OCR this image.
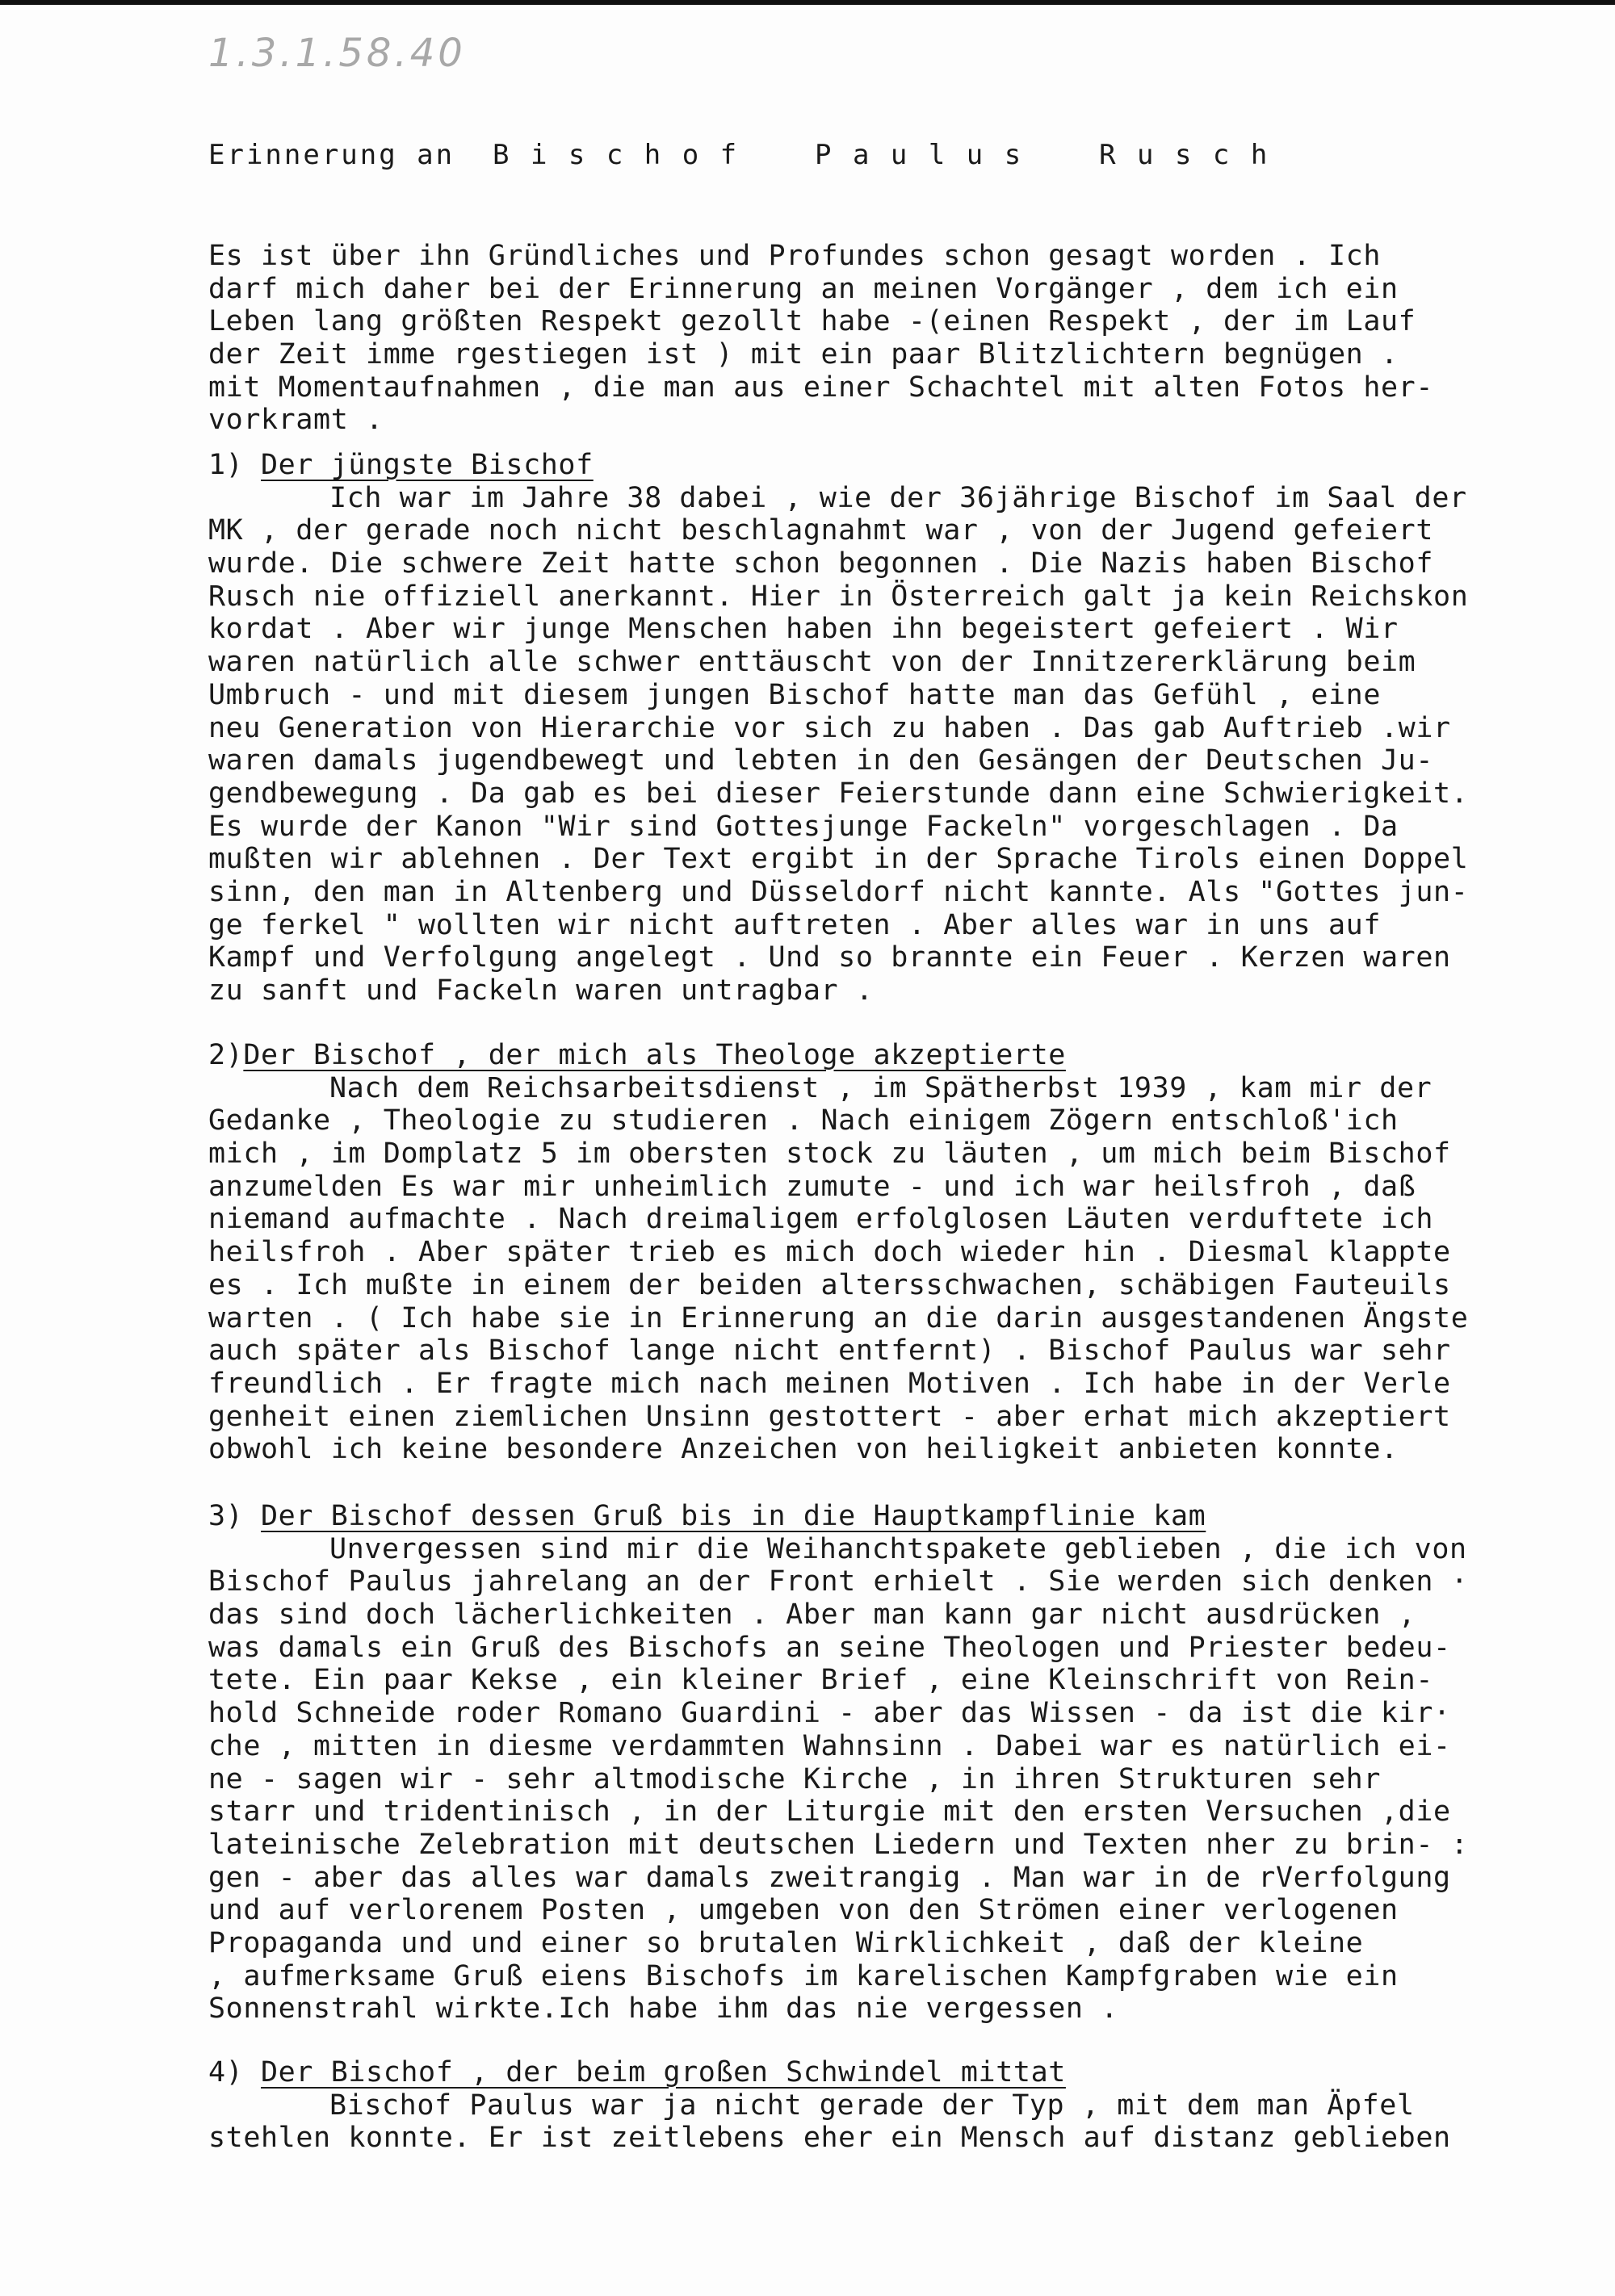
1.3.1.58.40
Erinnerung an  B i s c h o f    P a u l u s    R u s c h
Es ist über ihn Gründliches und Profundes schon gesagt worden . Ich
darf mich daher bei der Erinnerung an meinen Vorgänger , dem ich ein
Leben lang größten Respekt gezollt habe -(einen Respekt , der im Lauf
der Zeit imme rgestiegen ist ) mit ein paar Blitzlichtern begnügen .
mit Momentaufnahmen , die man aus einer Schachtel mit alten Fotos her-
vorkramt .
1) Der jüngste Bischof
Ich war im Jahre 38 dabei , wie der 36jährige Bischof im Saal der
MK , der gerade noch nicht beschlagnahmt war , von der Jugend gefeiert
wurde. Die schwere Zeit hatte schon begonnen . Die Nazis haben Bischof
Rusch nie offiziell anerkannt. Hier in Österreich galt ja kein Reichskon
kordat . Aber wir junge Menschen haben ihn begeistert gefeiert . Wir
waren natürlich alle schwer enttäuscht von der Innitzererklärung beim
Umbruch - und mit diesem jungen Bischof hatte man das Gefühl , eine
neu Generation von Hierarchie vor sich zu haben . Das gab Auftrieb .wir
waren damals jugendbewegt und lebten in den Gesängen der Deutschen Ju-
gendbewegung . Da gab es bei dieser Feierstunde dann eine Schwierigkeit.
Es wurde der Kanon "Wir sind Gottesjunge Fackeln" vorgeschlagen . Da
mußten wir ablehnen . Der Text ergibt in der Sprache Tirols einen Doppel
sinn, den man in Altenberg und Düsseldorf nicht kannte. Als "Gottes jun-
ge ferkel " wollten wir nicht auftreten . Aber alles war in uns auf
Kampf und Verfolgung angelegt . Und so brannte ein Feuer . Kerzen waren
zu sanft und Fackeln waren untragbar .
2)Der Bischof , der mich als Theologe akzeptierte
Nach dem Reichsarbeitsdienst , im Spätherbst 1939 , kam mir der
Gedanke , Theologie zu studieren . Nach einigem Zögern entschloß'ich
mich , im Domplatz 5 im obersten stock zu läuten , um mich beim Bischof
anzumelden Es war mir unheimlich zumute - und ich war heilsfroh , daß
niemand aufmachte . Nach dreimaligem erfolglosen Läuten verduftete ich
heilsfroh . Aber später trieb es mich doch wieder hin . Diesmal klappte
es . Ich mußte in einem der beiden altersschwachen, schäbigen Fauteuils
warten . ( Ich habe sie in Erinnerung an die darin ausgestandenen Ängste
auch später als Bischof lange nicht entfernt) . Bischof Paulus war sehr
freundlich . Er fragte mich nach meinen Motiven . Ich habe in der Verle
genheit einen ziemlichen Unsinn gestottert - aber erhat mich akzeptiert
obwohl ich keine besondere Anzeichen von heiligkeit anbieten konnte.
3) Der Bischof dessen Gruß bis in die Hauptkampflinie kam
Unvergessen sind mir die Weihanchtspakete geblieben , die ich von
Bischof Paulus jahrelang an der Front erhielt . Sie werden sich denken ·
das sind doch lächerlichkeiten . Aber man kann gar nicht ausdrücken ,
was damals ein Gruß des Bischofs an seine Theologen und Priester bedeu-
tete. Ein paar Kekse , ein kleiner Brief , eine Kleinschrift von Rein-
hold Schneide roder Romano Guardini - aber das Wissen - da ist die kir·
che , mitten in diesme verdammten Wahnsinn . Dabei war es natürlich ei-
ne - sagen wir - sehr altmodische Kirche , in ihren Strukturen sehr
starr und tridentinisch , in der Liturgie mit den ersten Versuchen ,die
lateinische Zelebration mit deutschen Liedern und Texten nher zu brin- :
gen - aber das alles war damals zweitrangig . Man war in de rVerfolgung
und auf verlorenem Posten , umgeben von den Strömen einer verlogenen
Propaganda und und einer so brutalen Wirklichkeit , daß der kleine
, aufmerksame Gruß eiens Bischofs im karelischen Kampfgraben wie ein
Sonnenstrahl wirkte.Ich habe ihm das nie vergessen .
4) Der Bischof , der beim großen Schwindel mittat
Bischof Paulus war ja nicht gerade der Typ , mit dem man Äpfel
stehlen konnte. Er ist zeitlebens eher ein Mensch auf distanz geblieben
